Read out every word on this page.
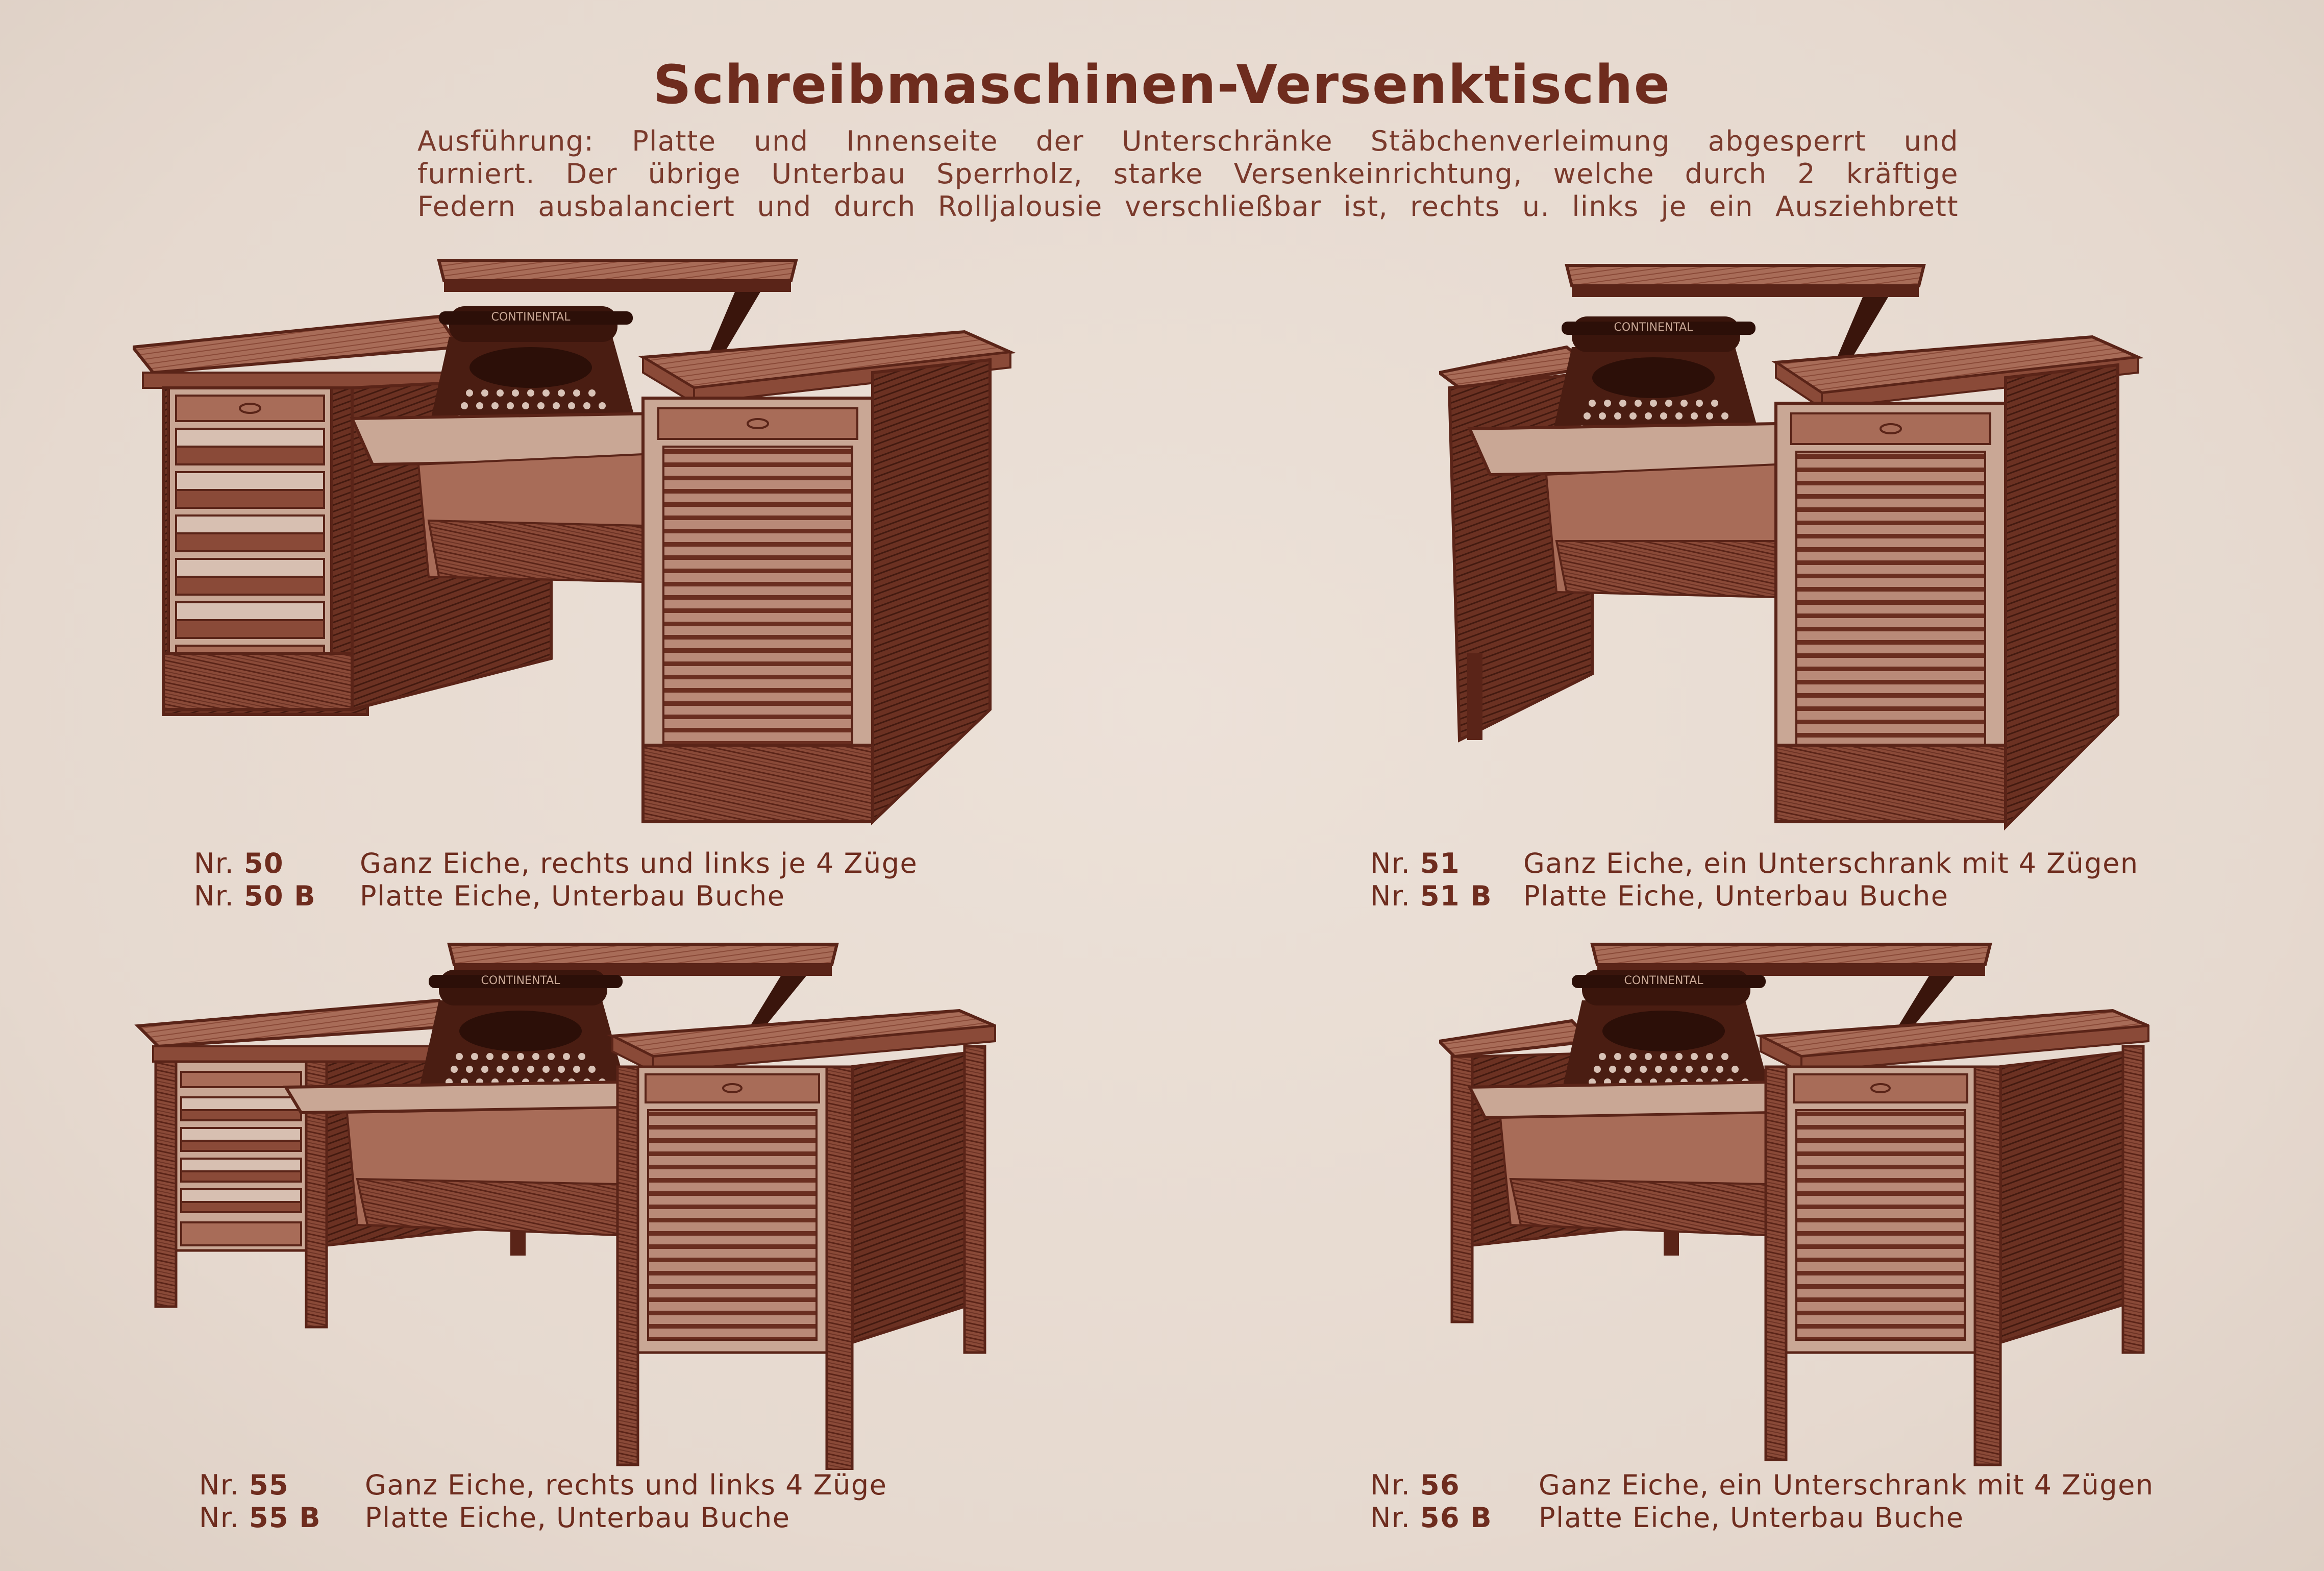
Schreibmaschinen-Versenktische
Ausführung: Platte und Innenseite der Unterschränke Stäbchenverleimung abgesperrt und
furniert. Der übrige Unterbau Sperrholz, starke Versenkeinrichtung, welche durch 2 kräftige
Federn ausbalanciert und durch Rolljalousie verschließbar ist, rechts u. links je ein Ausziehbrett
Nr. 50	Ganz Eiche, rechts und links je 4 Züge
Nr. 50 B Platte Eiche, Unterbau Buche
Nr. 51 Ganz Eiche, ein Unterschrank mit 4 Zügen
Nr. 51 B Platte Eiche, Unterbau Buche
Nr. 55	Ganz Eiche, rechts und links 4 Züge
Nr. 55 B Platte Eiche, Unterbau Buche
Nr. 56	Ganz Eiche, ein Unterschrank mit 4 Zügen
Nr. 56 B Platte Eiche, Unterbau Buche
